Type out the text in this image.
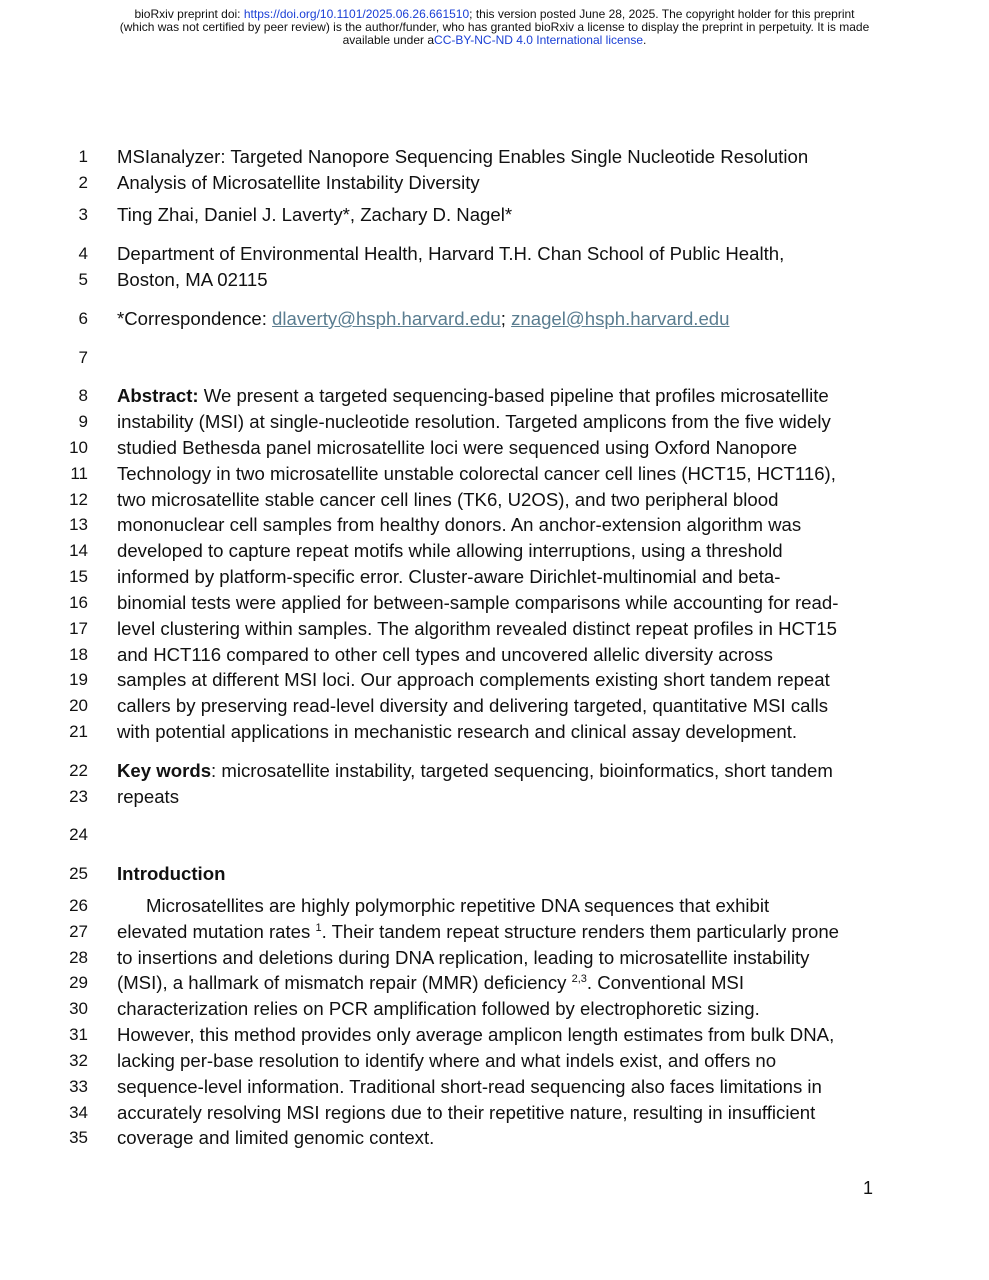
bioRxiv preprint doi: https://doi.org/10.1101/2025.06.26.661510; this version posted June 28, 2025. The copyright holder for this preprint
(which was not certified by peer review) is the author/funder, who has granted bioRxiv a license to display the preprint in perpetuity. It is made
available under aCC-BY-NC-ND 4.0 International license.
1 MSIanalyzer: Targeted Nanopore Sequencing Enables Single Nucleotide Resolution
2 Analysis of Microsatellite Instability Diversity
3 Ting Zhai, Daniel J. Laverty*, Zachary D. Nagel*
4 Department of Environmental Health, Harvard T.H. Chan School of Public Health,
5 Boston, MA 02115
6 *Correspondence: dlaverty@hsph.harvard.edu; znagel@hsph.harvard.edu
7
8 Abstract: We present a targeted sequencing-based pipeline that profiles microsatellite
9 instability (MSI) at single-nucleotide resolution. Targeted amplicons from the five widely
10 studied Bethesda panel microsatellite loci were sequenced using Oxford Nanopore
11 Technology in two microsatellite unstable colorectal cancer cell lines (HCT15, HCT116),
12 two microsatellite stable cancer cell lines (TK6, U2OS), and two peripheral blood
13 mononuclear cell samples from healthy donors. An anchor-extension algorithm was
14 developed to capture repeat motifs while allowing interruptions, using a threshold
15 informed by platform-specific error. Cluster-aware Dirichlet-multinomial and beta-
16 binomial tests were applied for between-sample comparisons while accounting for read-
17 level clustering within samples. The algorithm revealed distinct repeat profiles in HCT15
18 and HCT116 compared to other cell types and uncovered allelic diversity across
19 samples at different MSI loci. Our approach complements existing short tandem repeat
20 callers by preserving read-level diversity and delivering targeted, quantitative MSI calls
21 with potential applications in mechanistic research and clinical assay development.
22 Key words: microsatellite instability, targeted sequencing, bioinformatics, short tandem
23 repeats
24
25 Introduction
26	Microsatellites are highly polymorphic repetitive DNA sequences that exhibit
27 elevated mutation rates $^1$. Their tandem repeat structure renders them particularly prone
28 to insertions and deletions during DNA replication, leading to microsatellite instability
29 (MSI), a hallmark of mismatch repair (MMR) deficiency $^{2,3}$. Conventional MSI
30 characterization relies on PCR amplification followed by electrophoretic sizing.
31 However, this method provides only average amplicon length estimates from bulk DNA,
32 lacking per-base resolution to identify where and what indels exist, and offers no
33 sequence-level information. Traditional short-read sequencing also faces limitations in
34 accurately resolving MSI regions due to their repetitive nature, resulting in insufficient
35 coverage and limited genomic context.
1
